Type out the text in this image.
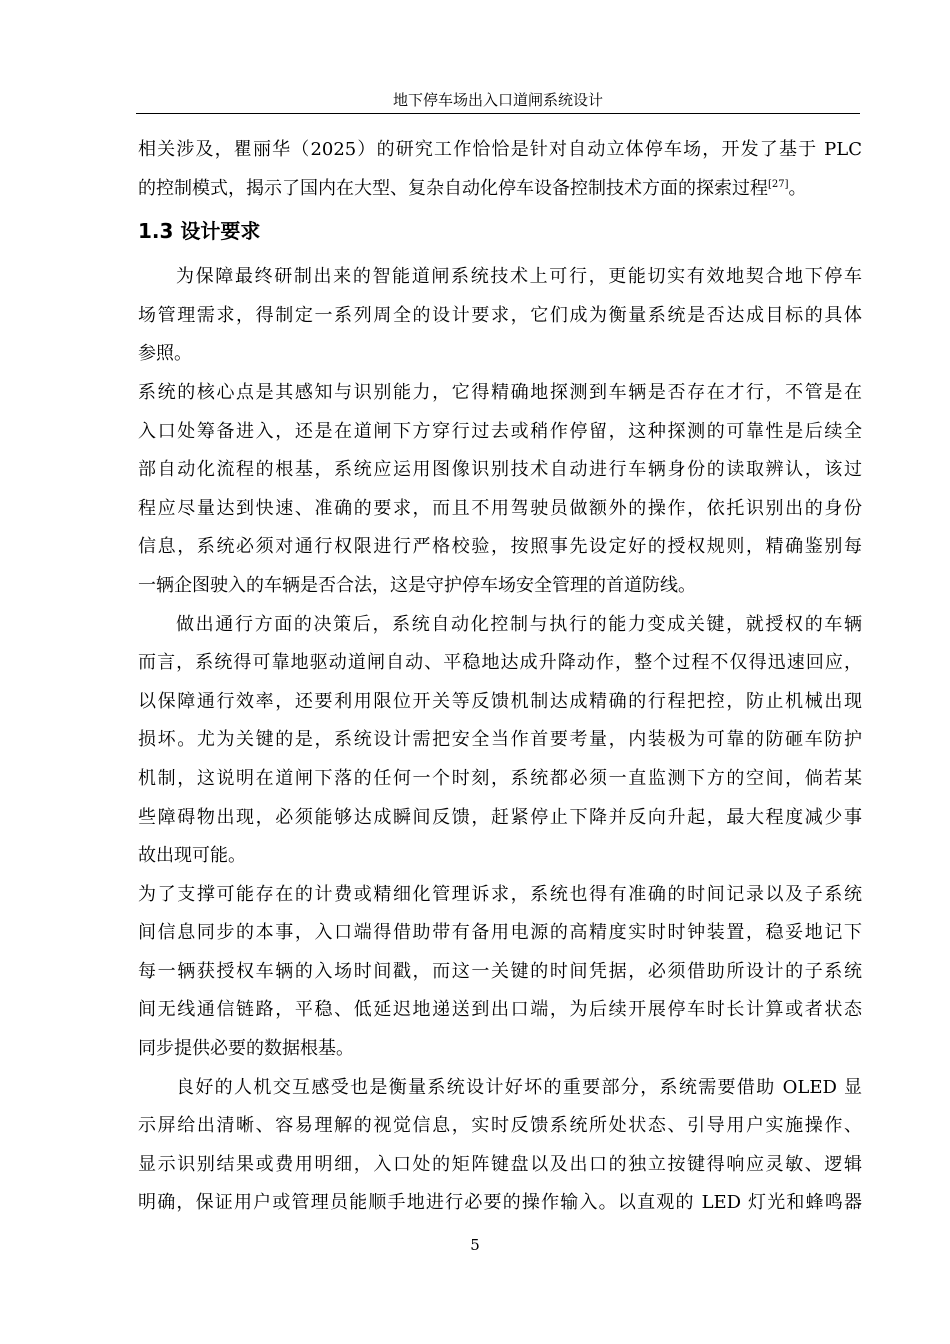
地下停车场出入口道闸系统设计
相关涉及，瞿丽华（2025）的研究工作恰恰是针对自动立体停车场，开发了基于 PLC
的控制模式，揭示了国内在大型、复杂自动化停车设备控制技术方面的探索过程[27]。
1.3 设计要求
为保障最终研制出来的智能道闸系统技术上可行，更能切实有效地契合地下停车
场管理需求，得制定一系列周全的设计要求，它们成为衡量系统是否达成目标的具体
参照。
系统的核心点是其感知与识别能力，它得精确地探测到车辆是否存在才行，不管是在
入口处筹备进入，还是在道闸下方穿行过去或稍作停留，这种探测的可靠性是后续全
部自动化流程的根基，系统应运用图像识别技术自动进行车辆身份的读取辨认，该过
程应尽量达到快速、准确的要求，而且不用驾驶员做额外的操作，依托识别出的身份
信息，系统必须对通行权限进行严格校验，按照事先设定好的授权规则，精确鉴别每
一辆企图驶入的车辆是否合法，这是守护停车场安全管理的首道防线。
做出通行方面的决策后，系统自动化控制与执行的能力变成关键，就授权的车辆
而言，系统得可靠地驱动道闸自动、平稳地达成升降动作，整个过程不仅得迅速回应，
以保障通行效率，还要利用限位开关等反馈机制达成精确的行程把控，防止机械出现
损坏。尤为关键的是，系统设计需把安全当作首要考量，内装极为可靠的防砸车防护
机制，这说明在道闸下落的任何一个时刻，系统都必须一直监测下方的空间，倘若某
些障碍物出现，必须能够达成瞬间反馈，赶紧停止下降并反向升起，最大程度减少事
故出现可能。
为了支撑可能存在的计费或精细化管理诉求，系统也得有准确的时间记录以及子系统
间信息同步的本事，入口端得借助带有备用电源的高精度实时时钟装置，稳妥地记下
每一辆获授权车辆的入场时间戳，而这一关键的时间凭据，必须借助所设计的子系统
间无线通信链路，平稳、低延迟地递送到出口端，为后续开展停车时长计算或者状态
同步提供必要的数据根基。
良好的人机交互感受也是衡量系统设计好坏的重要部分，系统需要借助 OLED 显
示屏给出清晰、容易理解的视觉信息，实时反馈系统所处状态、引导用户实施操作、
显示识别结果或费用明细，入口处的矩阵键盘以及出口的独立按键得响应灵敏、逻辑
明确，保证用户或管理员能顺手地进行必要的操作输入。以直观的 LED 灯光和蜂鸣器
5
